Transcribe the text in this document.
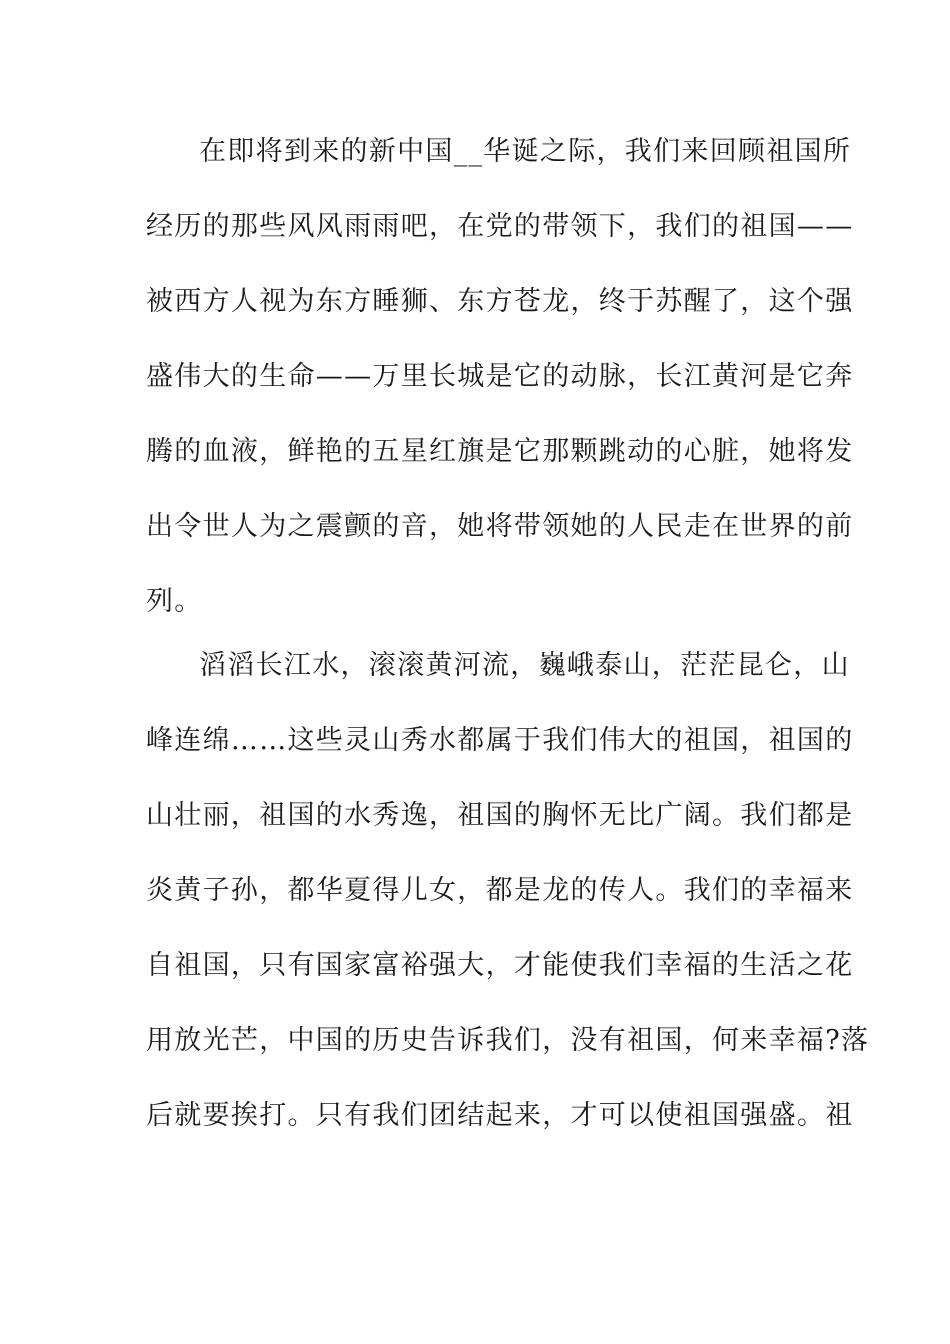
在即将到来的新中国__华诞之际，我们来回顾祖国所

经历的那些风风雨雨吧，在党的带领下，我们的祖国——

被西方人视为东方睡狮、东方苍龙，终于苏醒了，这个强

盛伟大的生命——万里长城是它的动脉，长江黄河是它奔

腾的血液，鲜艳的五星红旗是它那颗跳动的心脏，她将发

出令世人为之震颤的音，她将带领她的人民走在世界的前

列。

滔滔长江水，滚滚黄河流，巍峨泰山，茫茫昆仑，山

峰连绵……这些灵山秀水都属于我们伟大的祖国，祖国的

山壮丽，祖国的水秀逸，祖国的胸怀无比广阔。我们都是

炎黄子孙，都华夏得儿女，都是龙的传人。我们的幸福来

自祖国，只有国家富裕强大，才能使我们幸福的生活之花

用放光芒，中国的历史告诉我们，没有祖国，何来幸福?落

后就要挨打。只有我们团结起来，才可以使祖国强盛。祖
